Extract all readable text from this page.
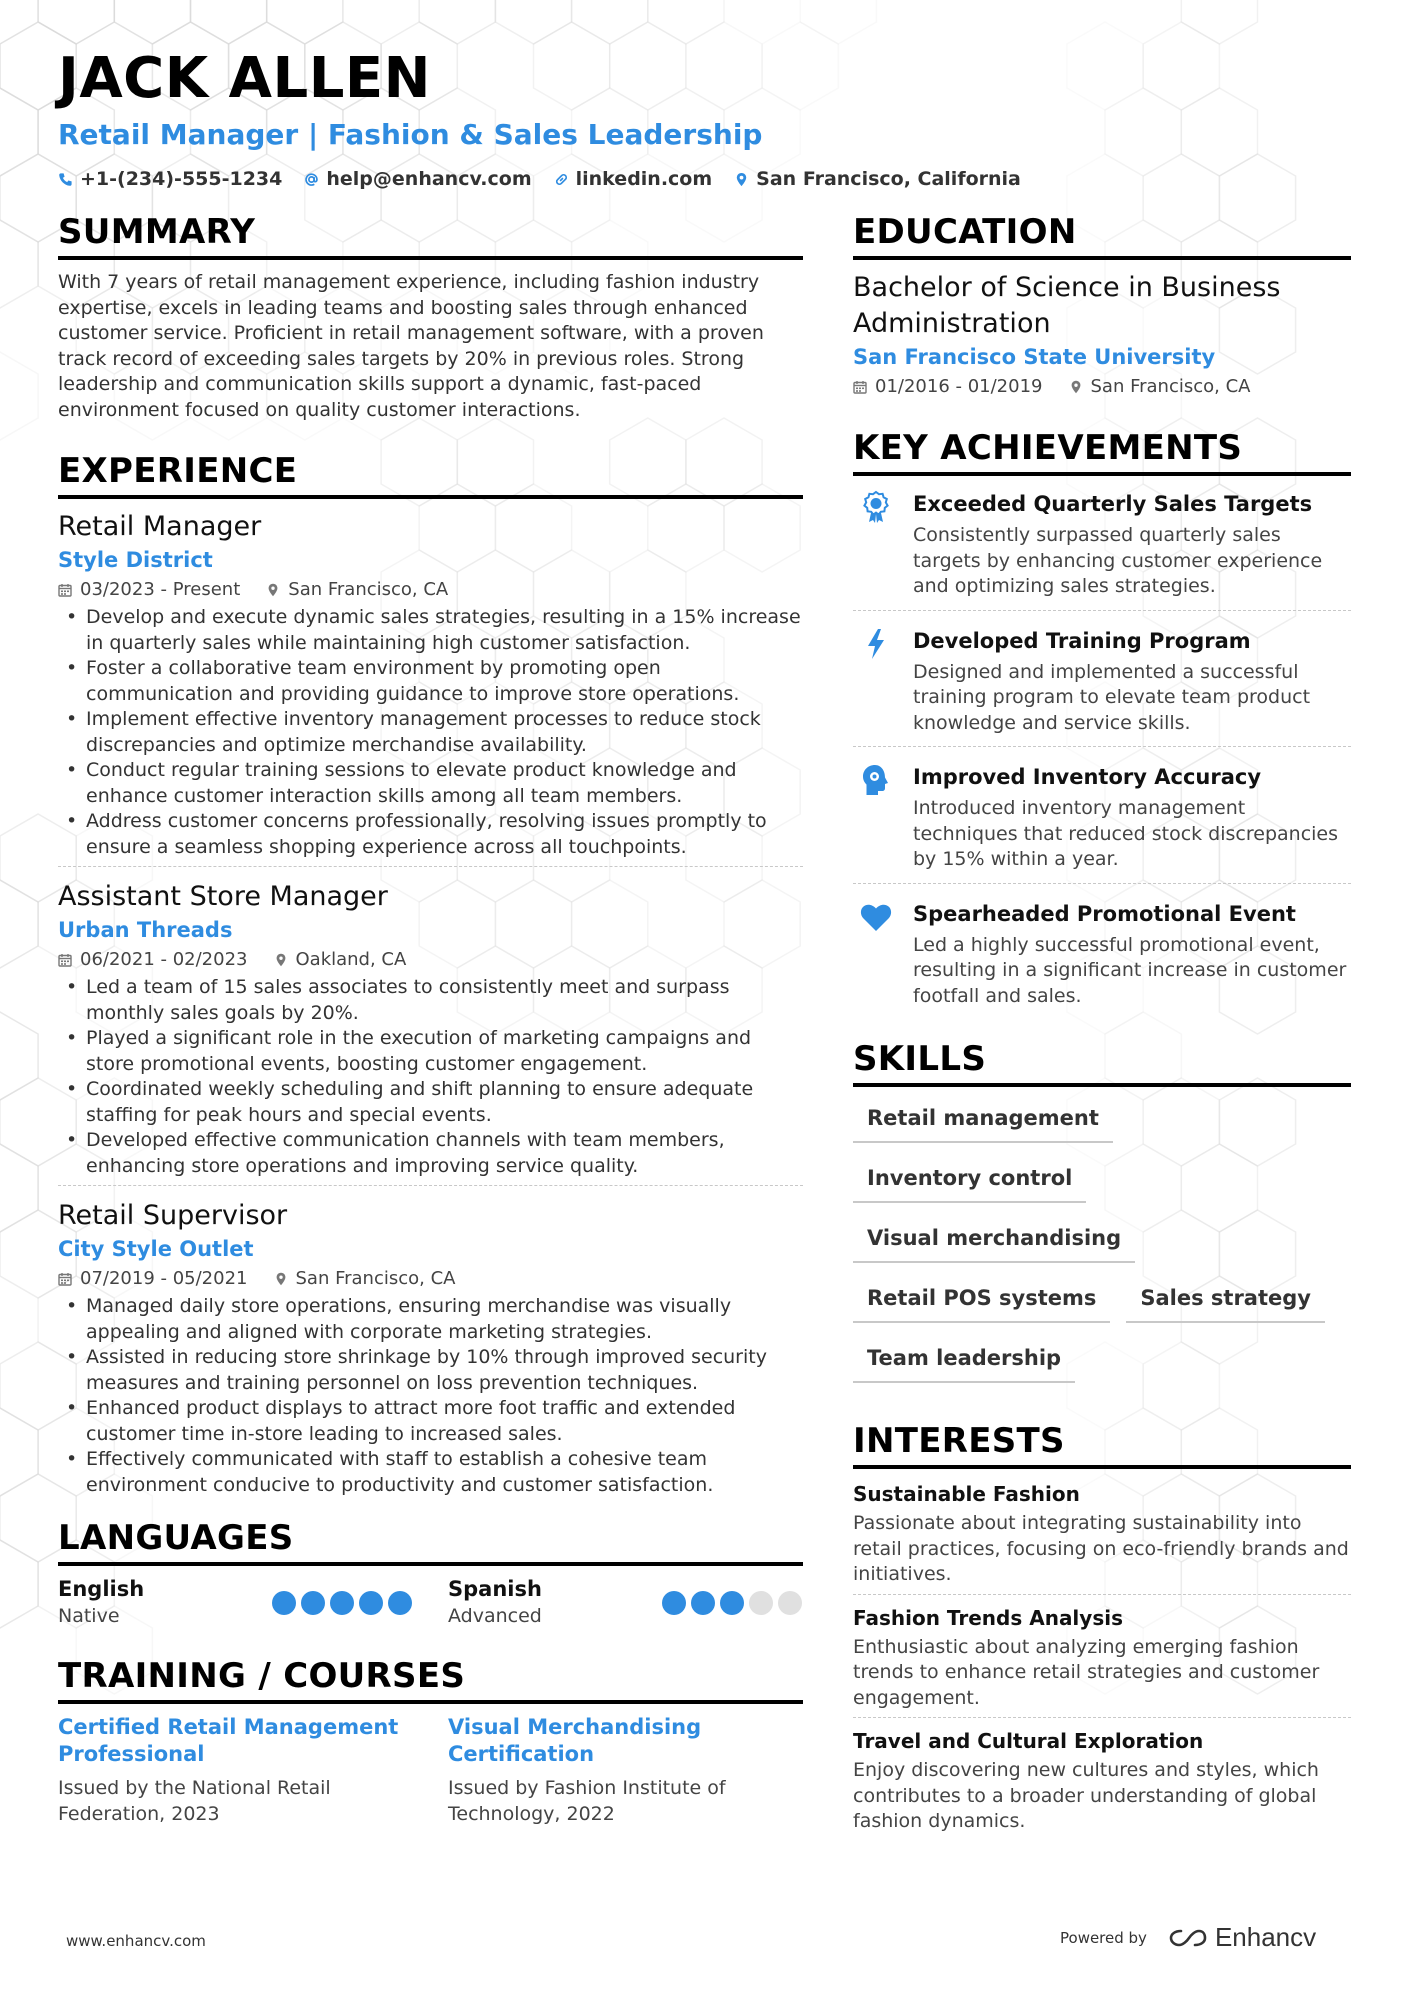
JACK ALLEN
Retail Manager | Fashion & Sales Leadership
+1-(234)-555-1234 help@enhancv.com linkedin.com San Francisco, California
SUMMARY
With 7 years of retail management experience, including fashion industry expertise, excels in leading teams and boosting sales through enhanced customer service. Proficient in retail management software, with a proven track record of exceeding sales targets by 20% in previous roles. Strong leadership and communication skills support a dynamic, fast-paced environment focused on quality customer interactions.
EXPERIENCE
Retail Manager
Style District
03/2023 - Present	San Francisco, CA
• Develop and execute dynamic sales strategies, resulting in a 15% increase in quarterly sales while maintaining high customer satisfaction.
• Foster a collaborative team environment by promoting open communication and providing guidance to improve store operations.
• Implement effective inventory management processes to reduce stock discrepancies and optimize merchandise availability.
• Conduct regular training sessions to elevate product knowledge and enhance customer interaction skills among all team members.
• Address customer concerns professionally, resolving issues promptly to ensure a seamless shopping experience across all touchpoints.
Assistant Store Manager
Urban Threads
06/2021 - 02/2023	Oakland, CA
• Led a team of 15 sales associates to consistently meet and surpass monthly sales goals by 20%.
• Played a significant role in the execution of marketing campaigns and store promotional events, boosting customer engagement.
• Coordinated weekly scheduling and shift planning to ensure adequate staffing for peak hours and special events.
• Developed effective communication channels with team members, enhancing store operations and improving service quality.
Retail Supervisor
City Style Outlet
07/2019 - 05/2021	San Francisco, CA
• Managed daily store operations, ensuring merchandise was visually appealing and aligned with corporate marketing strategies.
• Assisted in reducing store shrinkage by 10% through improved security measures and training personnel on loss prevention techniques.
• Enhanced product displays to attract more foot traffic and extended customer time in-store leading to increased sales.
• Effectively communicated with staff to establish a cohesive team environment conducive to productivity and customer satisfaction.
LANGUAGES
English
Native
Spanish
Advanced
TRAINING / COURSES
Certified Retail Management Professional
Issued by the National Retail Federation, 2023
Visual Merchandising Certification
Issued by Fashion Institute of Technology, 2022
EDUCATION
Bachelor of Science in Business Administration
San Francisco State University
01/2016 - 01/2019	San Francisco, CA
KEY ACHIEVEMENTS
Exceeded Quarterly Sales Targets
Consistently surpassed quarterly sales targets by enhancing customer experience and optimizing sales strategies.
Developed Training Program
Designed and implemented a successful training program to elevate team product knowledge and service skills.
Improved Inventory Accuracy
Introduced inventory management techniques that reduced stock discrepancies by 15% within a year.
Spearheaded Promotional Event
Led a highly successful promotional event, resulting in a significant increase in customer footfall and sales.
SKILLS
Retail management
Inventory control
Visual merchandising
Retail POS systems	Sales strategy
Team leadership
INTERESTS
Sustainable Fashion
Passionate about integrating sustainability into retail practices, focusing on eco-friendly brands and initiatives.
Fashion Trends Analysis
Enthusiastic about analyzing emerging fashion trends to enhance retail strategies and customer engagement.
Travel and Cultural Exploration
Enjoy discovering new cultures and styles, which contributes to a broader understanding of global fashion dynamics.
www.enhancv.com	Powered by	Enhancv
